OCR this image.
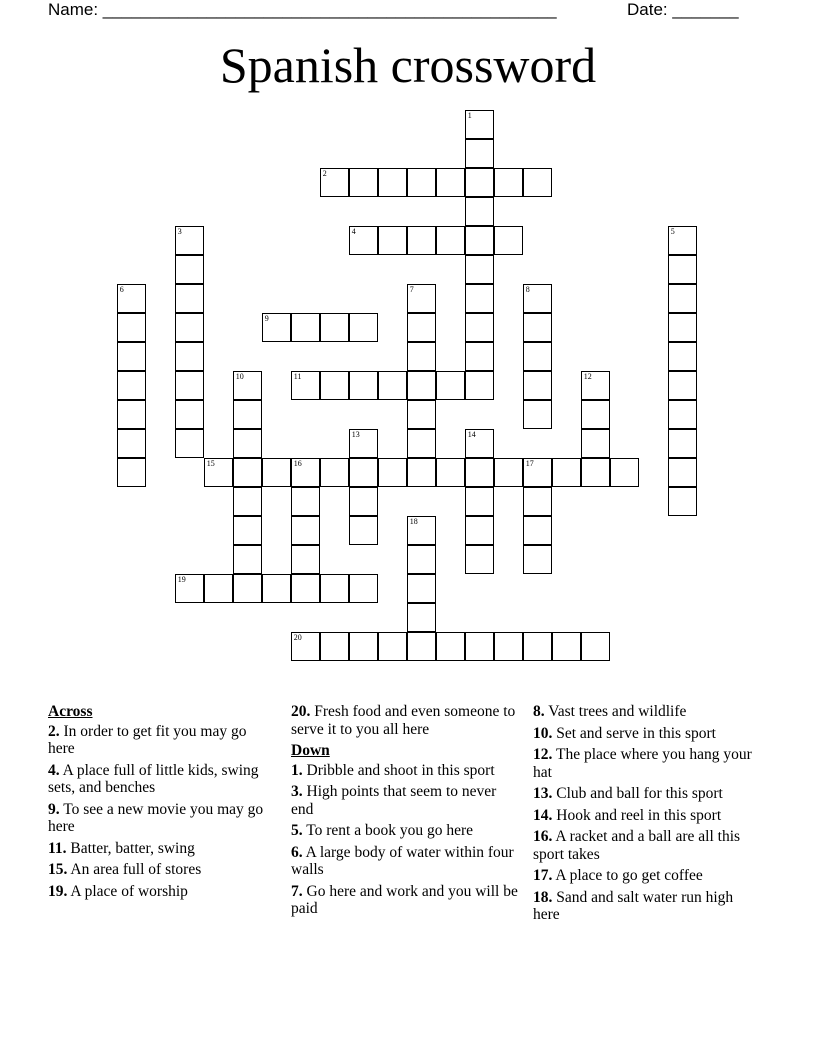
Name: ________________________________________________	Date: _______
Spanish crossword
1
2
3	4	5
6	7	8
9
10	11	12
13	14
15	16	17
18
19
20
Across
2. In order to get fit you may go here
4. A place full of little kids, swing sets, and benches
9. To see a new movie you may go here
11. Batter, batter, swing
15. An area full of stores
19. A place of worship
20. Fresh food and even someone to serve it to you all here
Down
1. Dribble and shoot in this sport
3. High points that seem to never end
5. To rent a book you go here
6. A large body of water within four walls
7. Go here and work and you will be paid
8. Vast trees and wildlife
10. Set and serve in this sport
12. The place where you hang your hat
13. Club and ball for this sport
14. Hook and reel in this sport
16. A racket and a ball are all this sport takes
17. A place to go get coffee
18. Sand and salt water run high here
